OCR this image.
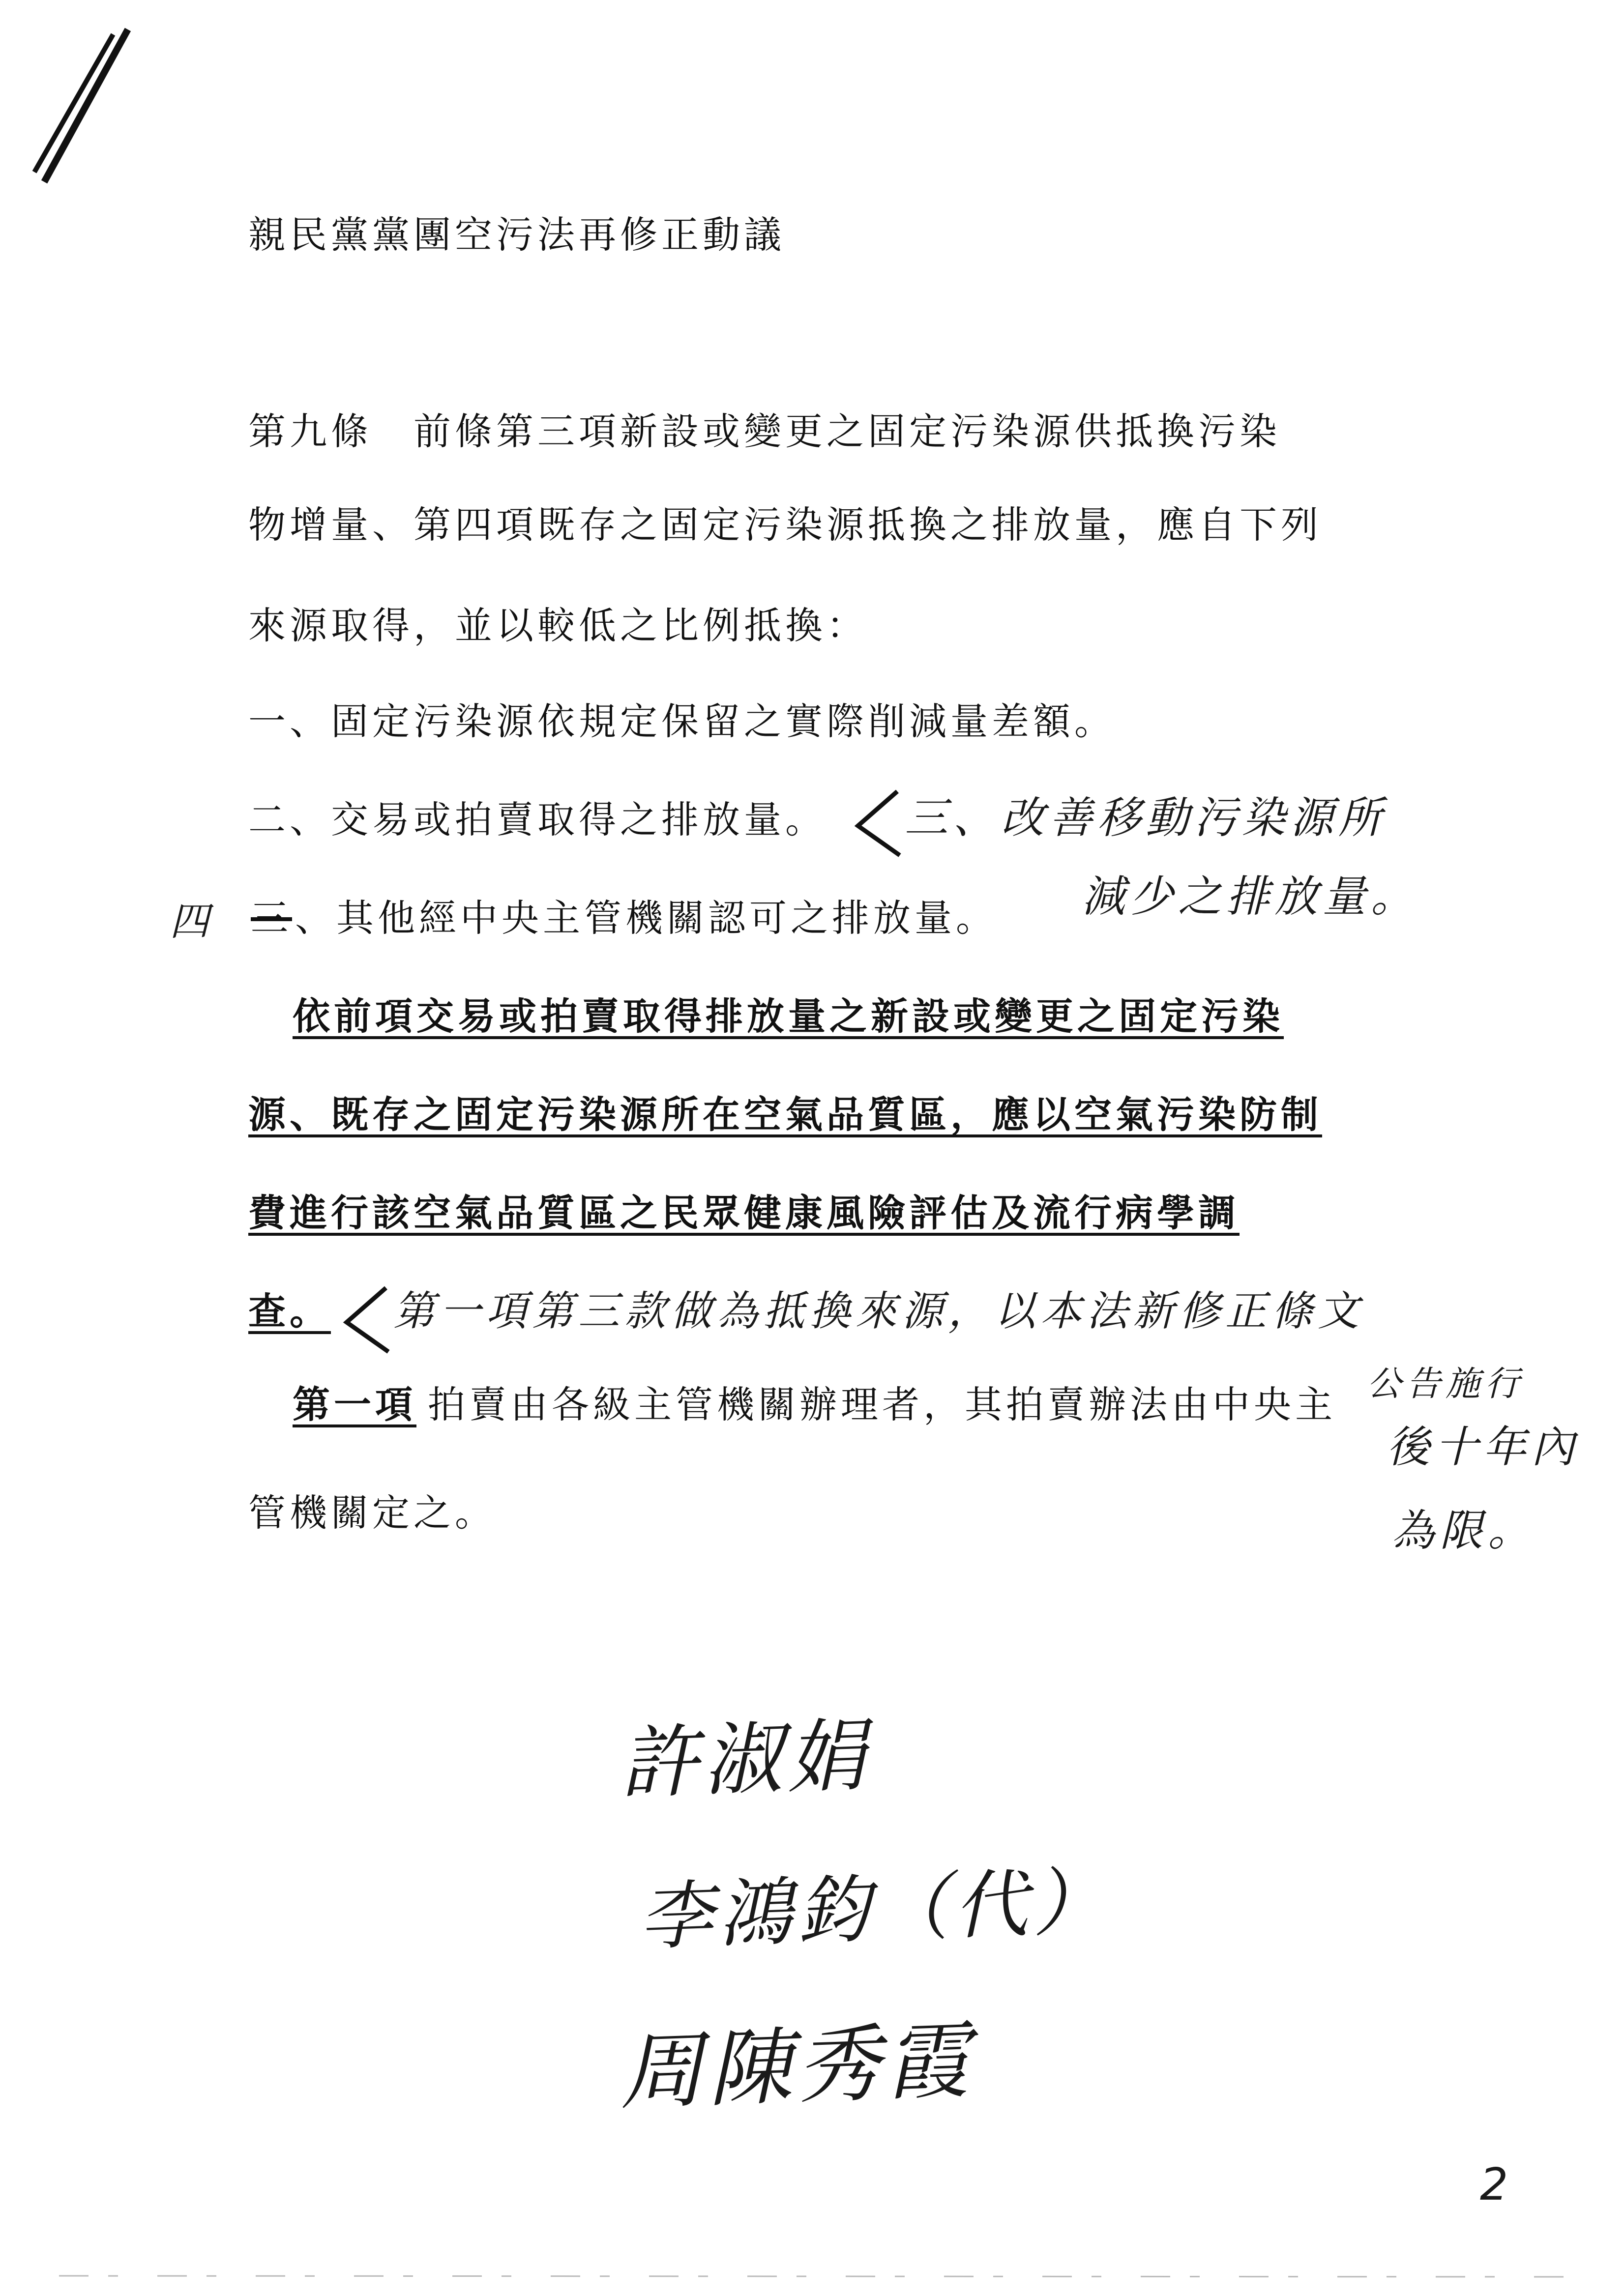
親民黨黨團空污法再修正動議
第九條　前條第三項新設或變更之固定污染源供抵換污染
物增量、第四項既存之固定污染源抵換之排放量，應自下列
來源取得，並以較低之比例抵換：
一、固定污染源依規定保留之實際削減量差額。
二、交易或拍賣取得之排放量。
四 三 、其他經中央主管機關認可之排放量。
三、改善移動污染源所
減少之排放量。
依前項交易或拍賣取得排放量之新設或變更之固定污染
源、既存之固定污染源所在空氣品質區，應以空氣污染防制
費進行該空氣品質區之民眾健康風險評估及流行病學調
查。 第一項第三款做為抵換來源，以本法新修正條文
第一項 拍賣由各級主管機關辦理者，其拍賣辦法由中央主
管機關定之。
公告施行
後十年內
為限。
許淑娟
李鴻鈞（代）
周陳秀霞
2
